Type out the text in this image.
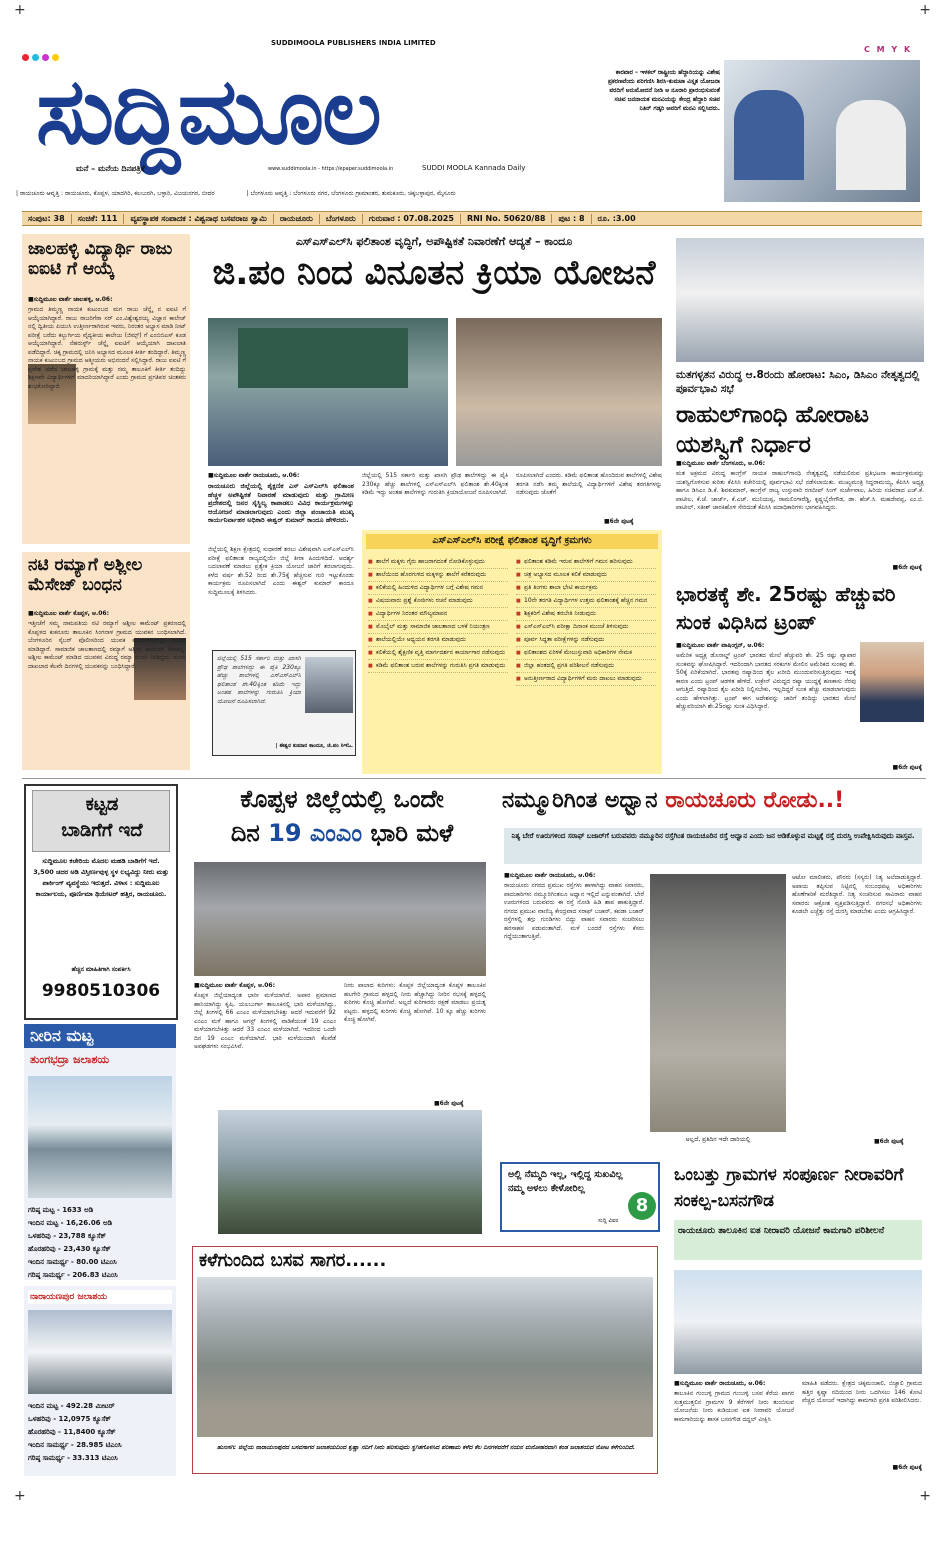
+	+
+	+
C M Y K
SUDDIMOOLA PUBLISHERS INDIA LIMITED
ಸುದ್ದಿಮೂಲ
ಮನೆ – ಮನೆಯ ದಿನಪತ್ರಿಕೆ	www.suddimoola.in - https://epaper.suddimoola.in	SUDDI MOOLA Kannada Daily
ಕಾರವಾರ – ಇಳಕಲ್ ರಾಷ್ಟ್ರೀಯ ಹೆದ್ದಾರಿಯನ್ನು ವಿಶೇಷ ಪ್ರಕರಣವೆಂದು ಪರಿಗಣಿಸಿ ಶಿರಸಿ-ಕುಮಟಾ ವಿಸ್ತೃತ ಯೋಜನಾ ವರದಿಗೆ ಅನುಮೋದನೆ ನೀಡಿ ಆ ನೂರಾರಿ ಪ್ರಾರಂಭಿಸುವಂತೆ ಸಚಿವ ಜನನಾಯಕ ಮನವಿಯನ್ನು ಕೇಂದ್ರ ಹೆದ್ದಾರಿ ಸಚಿವ ನಿತಿನ್ ಗಡ್ಕರಿ ಅವರಿಗೆ ಮನವಿ ಸಲ್ಲಿಸಿದರು.
| ರಾಯಚೂರು ಆವೃತ್ತಿ : ರಾಯಚೂರು, ಕೊಪ್ಪಳ, ಯಾದಗಿರಿ, ಕಲಬುರಗಿ, ಬಳ್ಳಾರಿ, ವಿಜಯನಗರ, ಬೀದರ	| ಬೆಂಗಳೂರು ಆವೃತ್ತಿ : ಬೆಂಗಳೂರು ನಗರ, ಬೆಂಗಳೂರು ಗ್ರಾಮಾಂತರ, ತುಮಕೂರು, ಚಿಕ್ಕಬಳ್ಳಾಪುರ, ಮೈಸೂರು
ಸಂಪುಟ: 38	ಸಂಚಿಕೆ: 111	ವ್ಯವಸ್ಥಾಪಕ ಸಂಪಾದಕ : ವಿಶ್ವನಾಥ ಬಸವರಾಜ ಸ್ವಾಮಿ	ರಾಯಚೂರು	ಬೆಂಗಳೂರು	ಗುರುವಾರ : 07.08.2025	RNI No. 50620/88	ಪುಟ : 8	ರೂ. :3.00
ಜಾಲಹಳ್ಳಿ ವಿದ್ಯಾರ್ಥಿ ರಾಜು ಐಐಟಿ ಗೆ ಆಯ್ಕೆ
■ಸುದ್ದಿಮೂಲ ವಾರ್ತೆ ಜಾಲಹಳ್ಳಿ, ಆ.06:
ಗ್ರಾಮದ ತಿಮ್ಮಣ್ಣ ನಾಯಕ ಕುಟುಂಬದ ಮಗ ರಾಜು ಚೆನ್ನೈ ನ ಐಐಟಿ ಗೆ ಆಯ್ಕೆಯಾಗಿದ್ದಾರೆ. ರಾಜು ರಾಜರಿಗೆರಾ ಸರ್ ಎಂ.ವಿಶ್ವೇಶ್ವರಯ್ಯ ವಿಜ್ಞಾನ ಕಾಲೇಜ್ ನಲ್ಲಿ ದ್ವಿತೀಯ ಪಿಯುಸಿ ಉತ್ತೀರ್ಣರಾಗಿರುವ ಇವರು, ನಿರಂತರ ಅಭ್ಯಾಸ ಮಾಡಿ ನೀಟ್ ಪರೀಕ್ಷೆ ಬರೆದು ಕಲ್ಬುರ್ಗಿಯ ವೈದ್ಯಕೀಯ ಕಾಲೇಜು (ಜಿಮ್ಸ್) ಗೆ ಎಂಬಿಬಿಎಸ್ ಕೂಡ ಆಯ್ಕೆಯಾಗಿದ್ದಾರೆ. ನೆಹರುರ್ಸ್ಟ್ ಚೆನ್ನೈ ಐಐಟಿಗೆ ಆಯ್ಕೆಯಾಗಿ ದಾಖಲಾತಿ ಪಡೆದಿದ್ದಾರೆ. ಚಿಕ್ಕ ಗ್ರಾಮದಲ್ಲಿ ಜನಿಸಿ ಅಭ್ಯಾಸದ ಮೂಲಕ ಕೀರ್ತಿ ತಂದಿದ್ದಾರೆ. ತಿಮ್ಮಣ್ಣ ನಾಯಕ ಕುಟುಂಬದ ಗ್ರಾಮದ ಆತ್ಮೀಯರು ಅಭಿನಂದನೆ ಸಲ್ಲಿಸಿದ್ದಾರೆ. ರಾಜು ಐಐಟಿ ಗೆ ಪ್ರವೇಶ ಪಡೆದ ಜಾಲಹಳ್ಳಿ ಗ್ರಾಮಕ್ಕೆ ಮತ್ತು ನಮ್ಮ ತಾಲೂಕಿಗೆ ಕೀರ್ತಿ ತಂದಿದ್ದು ಶಿಕ್ಷಣವೇ ವಿದ್ಯಾರ್ಥಿಗಳಿಗೆ ಮಾದರಿಯಾಗಿದ್ದಾರೆ ಎಂದು ಗ್ರಾಮದ ಪ್ರಗತಿಪರ ಚಿಂತಕರು ಶುಭಕೋರಿದ್ದಾರೆ.
ನಟಿ ರಮ್ಯಾಗೆ ಅಶ್ಲೀಲ ಮೆಸೇಜ್ ಬಂಧನ
■ಸುದ್ದಿಮೂಲ ವಾರ್ತೆ ಕೊಪ್ಪಳ, ಆ.06:
ಇತ್ತೀಚೆಗೆ ಸಮ್ಮ ನಾಮಪತಿಯ ನಟಿ ರಮ್ಯಾಗೆ ಅಶ್ಲೀಲ ಕಾಮೆಂಟ್ ಪ್ರಕರಣದಲ್ಲಿ ಕೊಪ್ಪಳದ ಕುಕನೂರು ತಾಲೂಕಿನ ಸಿಂಗನಾಳ ಗ್ರಾಮದ ಯುವಕನ ಬಂಧಿಸಲಾಗಿದೆ. ಬೆಂಗಳೂರಿನ ಸೈಬರ್ ಪೊಲೀಸರಿಂದ ಯುವಕ ಮಂಜುನಾಥನನ್ನು ಬಂಧನ ಮಾಡಿದ್ದಾರೆ. ಸಾಮಾಜಿಕ ಜಾಲತಾಣದಲ್ಲಿ ರಮ್ಯಾಗೆ ಅಶ್ಲೀಲ ಕಾಮೆಂಟ್ ಮಾಡಿದ್ದ. ಅಶ್ಲೀಲ ಕಾಮೆಂಟ್ ಮಾಡಿದ ಯುವಕನ ವಿರುದ್ಧ ರಮ್ಯಾ ದೂರು ನೀಡಿದ್ದರು. ದೂರು ದಾಖಲಾದ ಕೆಲವೇ ದಿನಗಳಲ್ಲಿ ಯುವಕನನ್ನು ಬಂಧಿಸಿದ್ದಾರೆ.
ಎಸ್‌ಎಸ್‌ಎಲ್‌ಸಿ ಫಲಿತಾಂಶ ವೃದ್ಧಿಗೆ, ಅಪೌಷ್ಟಿಕತೆ ನಿವಾರಣೆಗೆ ಆದ್ಯತೆ – ಕಾಂದೂ
ಜಿ.ಪಂ ನಿಂದ ವಿನೂತನ ಕ್ರಿಯಾ ಯೋಜನೆ
■ಸುದ್ದಿಮೂಲ ವಾರ್ತೆ ರಾಯಚೂರು, ಆ.06:
ರಾಯಚೂರು ಜಿಲ್ಲೆಯಲ್ಲಿ ಶೈಕ್ಷಣಿಕ ಎಸ್ ಎಸ್‌ಎಲ್‌ಸಿ ಫಲಿತಾಂಶ ಹೆಚ್ಚಳ ಅಪೌಷ್ಟಿಕತೆ ನಿವಾರಣೆ ಮಾಡುವುದು ಮತ್ತು ಗ್ರಾಮೀಣ ಪ್ರದೇಶದಲ್ಲಿ ಜನರ ಸೈಸ್ಥಿಲ್ಯ ಕಾಪಾಡಲು ವಿವಿಧ ಕಾರ್ಯಕ್ರಮಗಳನ್ನು ಆಯೋಜನೆ ಮಾಡಲಾಗುವುದು ಎಂದು ಜಿಲ್ಲಾ ಪಂಚಾಯತಿ ಮುಖ್ಯ ಕಾರ್ಯನಿರ್ವಾಹಕ ಅಧಿಕಾರಿ ಈಶ್ವರ್ ಕುಮಾರ್ ಕಾಂದೂ ಹೇಳಿದರು.
ಜಿಲ್ಲೆಯಲ್ಲಿ ಶಿಕ್ಷಣ ಕ್ಷೇತ್ರದಲ್ಲಿ ಸುಧಾರಣೆ ತರಲು ವಿಶೇಷವಾಗಿ ಎಸ್‌ಎಸ್‌ಎಲ್‌ಸಿ ಪರೀಕ್ಷೆ ಫಲಿತಾಂಶ ರಾಜ್ಯದಲ್ಲಿಯೇ ಜಿಲ್ಲೆ ತೀರಾ ಹಿಂದುಳಿದಿದೆ. ಆದರ್ಶ್ಯ ಬದಲಾವಣೆ ಮಾಡಲು ಪ್ರತ್ಯೇಕ ಕ್ರಿಯಾ ಯೋಜನೆ ಜಾರಿಗೆ ತರಲಾಗುವುದು. ಕಳೆದ ವರ್ಷ ಶೇ.52 ರಿಂದ ಶೇ.75ಕ್ಕೆ ಹೆಚ್ಚಿಸುವ ಗುರಿ ಇಟ್ಟುಕೊಂಡು ಕಾರ್ಯಕ್ರಮ ರೂಪಿಸಲಾಗಿದೆ ಎಂದು ಈಶ್ವರ್ ಕುಮಾರ್ ಕಾಂದೂ ಸುದ್ದಿಮೂಲಕ್ಕೆ ತಿಳಿಸಿದರು.
ಜಿಲ್ಲೆಯಲ್ಲಿ 515 ಸರ್ಕಾರಿ ಮತ್ತು ಖಾಸಗಿ ಪ್ರೌಢ ಶಾಲೆಗಳಿದ್ದು ಈ ಪೈಕಿ 230ಕ್ಕೂ ಹೆಚ್ಚು ಶಾಲೆಗಳಲ್ಲಿ ಎಸ್‌ಎಸ್‌ಎಲ್‌ಸಿ ಫಲಿತಾಂಶ ಶೇ.40ಕ್ಕಿಂತ ಕಡಿಮೆ ಇದ್ದು ಅಂತಹ ಶಾಲೆಗಳನ್ನು ಗುರುತಿಸಿ ಕ್ರಿಯಾಯೋಜನೆ ರೂಪಿಸಲಾಗಿದೆ.
ರೂಪಿಸಲಾಗಿದೆ ಎಂದರು. ಕಡಿಮೆ ಫಲಿತಾಂಶ ಹೊಂದಿರುವ ಶಾಲೆಗಳಲ್ಲಿ ವಿಶೇಷ ತರಗತಿ ನಡೆಸಿ ತಮ್ಮ ಶಾಲೆಯಲ್ಲಿ ವಿದ್ಯಾರ್ಥಿಗಳಿಗೆ ವಿಶೇಷ ತರಗತಿಗಳನ್ನು ನಡೆಸುವುದು ಜೊತೆಗೆ
■6ನೇ ಪುಟಕ್ಕೆ
ಎಸ್‌ಎಸ್‌ಎಲ್‌ಸಿ ಪರೀಕ್ಷೆ ಫಲಿತಾಂಶ ವೃದ್ಧಿಗೆ ಕ್ರಮಗಳು
■ ಶಾಲೆಗೆ ಮಕ್ಕಳು ಗೈರು ಹಾಜರಾಗದಂತೆ ನೋಡಿಕೊಳ್ಳುವುದು
■ ಶಾಲೆಯಿಂದ ಹೊರಗುಳಿದ ಮಕ್ಕಳನ್ನು ಶಾಲೆಗೆ ಕರೆತರುವುದು
■ ಕಲಿಕೆಯಲ್ಲಿ ಹಿಂದುಳಿದ ವಿದ್ಯಾರ್ಥಿಗಳ ಬಗ್ಗೆ ವಿಶೇಷ ಗಮನ
■ ವಿಷಯವಾರು ಪ್ರಶ್ನೆ ಕೋಠಿಗಳು ರಚನೆ ಮಾಡುವುದು
■ ವಿದ್ಯಾರ್ಥಿಗಳ ನಿರಂತರ ಮೌಲ್ಯಮಾಪನ
■ ಮೊಬೈಲ್ ಮತ್ತು ಸಾಮಾಜಿಕ ಜಾಲತಾಣದ ಬಳಕೆ ನಿಯಂತ್ರಣ
■ ಶಾಲೆಯಲ್ಲಿಯೇ ಅಧ್ಯಯನ ತರಗತಿ ಮಾಡುವುದು
■ ಕಲಿಕೆಯಲ್ಲಿ ಶೈಕ್ಷಣಿಕ ವೃತ್ತಿ ಮಾರ್ಗದರ್ಶನ ಕಾರ್ಯಾಗಾರ ನಡೆಸುವುದು
■ ಕಡಿಮೆ ಫಲಿತಾಂಶ ಬರುವ ಶಾಲೆಗಳನ್ನು ಗುರುತಿಸಿ ಪ್ರಗತಿ ಮಾಡುವುದು
■ ಫಲಿತಾಂಶ ಕಡಿಮೆ ಇರುವ ಶಾಲೆಗಳಿಗೆ ಗಮನ ಹರಿಸುವುದು
■ ಚಿತ್ರ ಅಭ್ಯಾಸದ ಮೂಲಕ ಕಲಿಕೆ ಮಾಡುವುದು
■ ಪ್ರತಿ ತಿಂಗಳು ಶಾಲಾ ಭೇಟಿ ಕಾರ್ಯಕ್ರಮ
■ 10ನೇ ತರಗತಿ ವಿದ್ಯಾರ್ಥಿಗಳ ಉತ್ತಮ ಫಲಿತಾಂಶಕ್ಕೆ ಹೆಚ್ಚಿನ ಗಮನ
■ ಶಿಕ್ಷಕರಿಗೆ ವಿಶೇಷ ತರಬೇತಿ ನೀಡುವುದು
■ ಎಸ್‌ಎಸ್‌ಎಲ್‌ಸಿ ಪರೀಕ್ಷಾ ದಿನಾಂಕ ಮುಂಚೆ ತಿಳಿಸುವುದು
■ ಪೂರ್ವ ಸಿದ್ಧತಾ ಪರೀಕ್ಷೆಗಳನ್ನು ನಡೆಸುವುದು
■ ಫಲಿತಾಂಶದ ಏರಿಳಿಕೆ ಮೇಲುಸ್ತುವಾರಿ ಅಧಿಕಾರಿಗಳ ನೇಮಕ
■ ಜಿಲ್ಲಾ ಹಂತದಲ್ಲಿ ಪ್ರಗತಿ ಪರಿಶೀಲನೆ ನಡೆಸುವುದು
■ ಅನುತ್ತೀರ್ಣರಾದ ವಿದ್ಯಾರ್ಥಿಗಳಿಗೆ ಮರು ದಾಖಲು ಮಾಡುವುದು
ಜಿಲ್ಲೆಯಲ್ಲಿ 515 ಸರ್ಕಾರಿ ಮತ್ತು ಖಾಸಗಿ ಪ್ರೌಢ ಶಾಲೆಗಳಿದ್ದು ಈ ಪೈಕಿ 230ಕ್ಕೂ ಹೆಚ್ಚು ಶಾಲೆಗಳಲ್ಲಿ ಎಸ್‌ಎಸ್‌ಎಲ್‌ಸಿ ಫಲಿತಾಂಶ ಶೇ.40ಕ್ಕಿಂತ ಕಡಿಮೆ ಇದ್ದು ಅಂತಹ ಶಾಲೆಗಳನ್ನು ಗುರುತಿಸಿ ಕ್ರಿಯಾ ಯೋಜನೆ ರೂಪಿಸಲಾಗಿದೆ.
| ಈಶ್ವರ ಕುಮಾರ ಕಾಂದೂ, ಜಿ.ಪಂ ಸಿಇಓ.
ಮತಗಳ್ಳತನ ವಿರುದ್ಧ ಆ.8ರಂದು ಹೋರಾಟ: ಸಿಎಂ, ಡಿಸಿಎಂ ನೇತೃತ್ವದಲ್ಲಿ ಪೂರ್ವಭಾವಿ ಸಭೆ
ರಾಹುಲ್‌ಗಾಂಧಿ ಹೋರಾಟ ಯಶಸ್ವಿಗೆ ನಿರ್ಧಾರ
■ಸುದ್ದಿಮೂಲ ವಾರ್ತೆ ಬೆಂಗಳೂರು, ಆ.06:
ಮತ ಅಕ್ರಮದ ವಿರುದ್ಧ ಕಾಂಗ್ರೆಸ್ ನಾಯಕ ರಾಹುಲ್‌ಗಾಂಧಿ ನೇತೃತ್ವದಲ್ಲಿ ನಡೆಯಲಿರುವ ಪ್ರತಿಭಟನಾ ಕಾರ್ಯಕ್ರಮವನ್ನು ಯಶಸ್ವಿಗೊಳಿಸುವ ಕುರಿತು ಕೆಪಿಸಿಸಿ ಕಚೇರಿಯಲ್ಲಿ ಪೂರ್ವಭಾವಿ ಸಭೆ ನಡೆಸಲಾಯಿತು. ಮುಖ್ಯಮಂತ್ರಿ ಸಿದ್ದರಾಮಯ್ಯ, ಕೆಪಿಸಿಸಿ ಅಧ್ಯಕ್ಷ ಹಾಗೂ ಡಿಸಿಎಂ ಡಿ.ಕೆ. ಶಿವಕುಮಾರ್, ಕಾಂಗ್ರೆಸ್ ರಾಜ್ಯ ಉಸ್ತುವಾರಿ ರಣದೀಪ್ ಸಿಂಗ್ ಸುರ್ಜೇವಾಲ, ಹಿರಿಯ ಸಚಿವರಾದ ಎಚ್.ಕೆ. ಪಾಟೀಲ, ಕೆ.ಜೆ. ಜಾರ್ಜ್, ಕೆ.ಎಚ್. ಮುನಿಯಪ್ಪ, ರಾಮಲಿಂಗಾರೆಡ್ಡಿ, ಕೃಷ್ಣಭೈರೇಗೌಡ, ಡಾ. ಹೆಚ್.ಸಿ. ಮಹದೇವಪ್ಪ, ಎಂ.ಬಿ. ಪಾಟೀಲ್, ಸತೀಶ್ ಜಾರಕಿಹೊಳಿ ಸೇರಿದಂತೆ ಕೆಪಿಸಿಸಿ ಪದಾಧಿಕಾರಿಗಳು ಭಾಗವಹಿಸಿದ್ದರು.
■6ನೇ ಪುಟಕ್ಕೆ
ಭಾರತಕ್ಕೆ ಶೇ. 25ರಷ್ಟು ಹೆಚ್ಚುವರಿ ಸುಂಕ ವಿಧಿಸಿದ ಟ್ರಂಪ್
■ಸುದ್ದಿಮೂಲ ವಾರ್ತೆ ವಾಷಿಂಗ್ಟನ್, ಆ.06:
ಅಮೆರಿಕ ಅಧ್ಯಕ್ಷ ಡೊನಾಲ್ಡ್ ಟ್ರಂಪ್ ಭಾರತದ ಮೇಲೆ ಹೆಚ್ಚುವರಿ ಶೇ. 25 ರಷ್ಟು ವ್ಯಾಪಾರ ಸುಂಕವನ್ನು ಘೋಷಿಸಿದ್ದಾರೆ. ಇದರಿಂದಾಗಿ ಭಾರತದ ಸರಕುಗಳ ಮೇಲಿನ ಅಮೆರಿಕದ ಸುಂಕವು ಶೇ. 50ಕ್ಕೆ ಏರಿಕೆಯಾಗಿದೆ. ಭಾರತವು ರಷ್ಯಾದಿಂದ ತೈಲ ಖರೀದಿ ಮುಂದುವರಿಸುತ್ತಿರುವುದು ಇದಕ್ಕೆ ಕಾರಣ ಎಂದು ಟ್ರಂಪ್ ಆಡಳಿತ ಹೇಳಿದೆ. ಉಕ್ರೇನ್ ವಿರುದ್ಧದ ರಷ್ಯಾ ಯುದ್ಧಕ್ಕೆ ಹಣಕಾಸು ನೆರವು ಆಗುತ್ತಿದೆ. ರಷ್ಯಾದಿಂದ ತೈಲ ಖರೀದಿ ನಿಲ್ಲಿಸಬೇಕು, ಇಲ್ಲದಿದ್ದರೆ ಸುಂಕ ಹೆಚ್ಚು ಮಾಡಲಾಗುವುದು ಎಂದು ಹೇಳಲಾಗಿತ್ತು. ಟ್ರಂಪ್ ಈಗ ಅದೇಶವನ್ನು ಜಾರಿಗೆ ತಂದಿದ್ದು ಭಾರತದ ಮೇಲೆ ಹೆಚ್ಚುವರಿಯಾಗಿ ಶೇ.25ರಷ್ಟು ಸುಂಕ ವಿಧಿಸಿದ್ದಾರೆ.
■6ನೇ ಪುಟಕ್ಕೆ
ಕಟ್ಟಡ
ಬಾಡಿಗೆಗೆ ಇದೆ
ಸುದ್ದಿಮೂಲ ಕಚೇರಿಯ ಮೊದಲ ಮಹಡಿ ಬಾಡಿಗೆಗೆ ಇದೆ. 3,500 ಚದರ ಅಡಿ ವಿಸ್ತೀರ್ಣವುಳ್ಳ ಸ್ಥಳ ಲಭ್ಯವಿದ್ದು ನೀರು ಮತ್ತು ಪಾರ್ಕಿಂಗ್ ವ್ಯವಸ್ಥೆಯು ಇರುತ್ತದೆ. ವಿಳಾಸ : ಸುದ್ದಿಮೂಲ ಕಾರ್ಯಾಲಯ, ಪೂರ್ಣಿಮಾ ಥಿಯೇಟರ್ ಹತ್ತಿರ, ರಾಯಚೂರು.
ಹೆಚ್ಚಿನ ಮಾಹಿತಿಗಾಗಿ ಸಂಪರ್ಕಿಸಿ
9980510306
ನೀರಿನ ಮಟ್ಟ
ತುಂಗಭದ್ರಾ ಜಲಾಶಯ
ಗರಿಷ್ಠ ಮಟ್ಟ - 1633 ಅಡಿ
ಇಂದಿನ ಮಟ್ಟ - 16,26.06 ಅಡಿ
ಒಳಹರಿವು - 23,788 ಕ್ಯೂಸೆಕ್
ಹೊರಹರಿವು - 23,430 ಕ್ಯೂಸೆಕ್
ಇಂದಿನ ಸಾಮರ್ಥ್ಯ - 80.00 ಟಿಎಂಸಿ
ಗರಿಷ್ಠ ಸಾಮರ್ಥ್ಯ - 206.83 ಟಿಎಂಸಿ
ನಾರಾಯಣಪುರ ಜಲಾಶಯ
ಇಂದಿನ ಮಟ್ಟ - 492.28 ಮೀಟರ್
ಒಳಹರಿವು - 12,0975 ಕ್ಯೂಸೆಕ್
ಹೊರಹರಿವು - 11,8400 ಕ್ಯೂಸೆಕ್
ಇಂದಿನ ಸಾಮರ್ಥ್ಯ - 28.985 ಟಿಎಂಸಿ
ಗರಿಷ್ಠ ಸಾಮರ್ಥ್ಯ - 33.313 ಟಿಎಂಸಿ
ಕೊಪ್ಪಳ ಜಿಲ್ಲೆಯಲ್ಲಿ ಒಂದೇ
ದಿನ 19 ಎಂಎಂ ಭಾರಿ ಮಳೆ
■ಸುದ್ದಿಮೂಲ ವಾರ್ತೆ ಕೊಪ್ಪಳ, ಆ.06:
ಕೊಪ್ಪಳ ಜಿಲ್ಲೆಯಾದ್ಯಂತ ಭಾರೀ ಮಳೆಯಾಗಿದೆ. ಅಪಾರ ಪ್ರಮಾಣದ ಹಾನಿಯಾಗಿದ್ದು ಕೃಷಿ, ಯಲಬುರ್ಗಾ ತಾಲೂಕಿನಲ್ಲಿ ಭಾರಿ ಮಳೆಯಾಗಿದ್ದು, ಜಿಲ್ಲೆ ತಿಂಗಳಲ್ಲಿ 66 ಎಂಎಂ ಮಳೆಯಾಗಬೇಕಿತ್ತು ಆದರೆ ಇದುವರೆಗೆ 92 ಎಂಎಂ ಮಳೆ ಹಾಗೂ ಆಗಸ್ಟ್ ತಿಂಗಳಲ್ಲಿ ವಾಡಿಕೆಯಂತೆ 19 ಎಂಎಂ ಮಳೆಯಾಗಬೇಕಿತ್ತು ಆದರೆ 33 ಎಂಎಂ ಮಳೆಯಾಗಿದೆ. ಇದರಿಂದ ಒಂದೇ ದಿನ 19 ಎಂಎಂ ಮಳೆಯಾಗಿದೆ. ಭಾರಿ ಮಳೆಯಿಂದಾಗಿ ಕೆಲವೆಡೆ ಅವಘಡಗಳು ಸಂಭವಿಸಿವೆ.
ನೀರು ಪಾಲಾದ ಕುರಿಗಳು: ಕೊಪ್ಪಳ ಜಿಲ್ಲೆಯಾದ್ಯಂತ ಕೊಪ್ಪಳ ತಾಲೂಕಿನ ಹಲಗೇರಿ ಗ್ರಾಮದ ಹಳ್ಳದಲ್ಲಿ ನೀರು ಹೆಚ್ಚಾಗಿದ್ದು ನೀರಿನ ರಭಸಕ್ಕೆ ಹಳ್ಳದಲ್ಲಿ ಕುರಿಗಳು ಕೊಚ್ಚಿ ಹೋಗಿವೆ. ಅಲ್ಲದೆ ಕುರಿಗಾರರು ರಕ್ಷಣೆ ಮಾಡಲು ಪ್ರಯತ್ನ ಪಟ್ಟರು. ಹಳ್ಳದಲ್ಲಿ ಕುರಿಗಳು ಕೊಚ್ಚಿ ಹೋಗಿವೆ. 10 ಕ್ಕೂ ಹೆಚ್ಚು ಕುರಿಗಳು ಕೊಚ್ಚಿ ಹೋಗಿವೆ.
■6ನೇ ಪುಟಕ್ಕೆ
ನಮ್ಮೂರಿಗಿಂತ ಅಧ್ವಾನ ರಾಯಚೂರು ರೋಡು..!
ನಿತ್ಯ ಬೇರೆ ಊರುಗಳಿಂದ ಸರಾಫ್ ಬಜಾರ್‌ಗೆ ಬರುವವರು ನಮ್ಮೂರಿನ ರಸ್ತೆಗಿಂತ ರಾಯಚೂರಿನ ರಸ್ತೆ ಅಧ್ವಾನ ಎಂದು ಜನ ಆಡಿಕೊಳ್ಳುವ ಮಟ್ಟಕ್ಕೆ ರಸ್ತೆ ದುರಸ್ತಿ ಉಪೇಕ್ಷಿಸಿರುವುದು ವಾಸ್ತವ.
■ಸುದ್ದಿಮೂಲ ವಾರ್ತೆ ರಾಯಚೂರು, ಆ.06:
ರಾಯಚೂರು ನಗರದ ಪ್ರಮುಖ ರಸ್ತೆಗಳು ಹಾಳಾಗಿದ್ದು ವಾಹನ ಸವಾರರು, ಪಾದಚಾರಿಗಳು ನಮ್ಮೂರಿಗಿಂತಲೂ ಅಧ್ವಾನ ಇಲ್ಲಿದೆ ಎನ್ನುವಂತಾಗಿದೆ. ಬೇರೆ ಊರುಗಳಿಂದ ಬರುವವರು ಈ ರಸ್ತೆ ನೋಡಿ ಹಿಡಿ ಶಾಪ ಹಾಕುತ್ತಿದ್ದಾರೆ. ನಗರದ ಪ್ರಮುಖ ವಾಣಿಜ್ಯ ಕೇಂದ್ರವಾದ ಸರಾಫ್ ಬಜಾರ್, ಕಪಡಾ ಬಜಾರ್ ರಸ್ತೆಗಳಲ್ಲಿ ತಗ್ಗು ಗುಂಡಿಗಳು ಬಿದ್ದು ವಾಹನ ಸವಾರರು ಸಂಚರಿಸಲು ಹರಸಾಹಸ ಪಡುವಂತಾಗಿದೆ. ಮಳೆ ಬಂದರೆ ರಸ್ತೆಗಳು ಕೆಸರು ಗದ್ದೆಯಂತಾಗುತ್ತಿವೆ.
ಅಲ್ಲದೆ, ಪ್ರತಿದಿನ ಇದೇ ದಾರಿಯಲ್ಲಿ
ಆಟೋ ಮಾಲೀಕರು, ಪೌರರು (ಸಸ್ಯರು) ನಿತ್ಯ ಅಲೆದಾಡುತ್ತಿದ್ದಾರೆ. ಅಪಾಯ ತಪ್ಪಿಸುವ ನಿಟ್ಟಿನಲ್ಲಿ ಸಂಬಂಧಪಟ್ಟ ಅಧಿಕಾರಿಗಳು ಹೊಣೆಗಾರಿಕೆ ಮರೆತಿದ್ದಾರೆ. ನಿತ್ಯ ಸಂಚರಿಸುವ ಸಾವಿರಾರು ವಾಹನ ಸವಾರರು ಆಕ್ರೋಶ ವ್ಯಕ್ತಪಡಿಸುತ್ತಿದ್ದಾರೆ. ನಗರಸಭೆ ಅಧಿಕಾರಿಗಳು ಕೂಡಲೇ ಎಚ್ಚೆತ್ತು ರಸ್ತೆ ದುರಸ್ತಿ ಮಾಡಬೇಕು ಎಂದು ಆಗ್ರಹಿಸಿದ್ದಾರೆ.
■6ನೇ ಪುಟಕ್ಕೆ
ಅಲ್ಲಿ ನೆಮ್ಮದಿ ಇಲ್ಲ, ಇಲ್ಲಿದ್ದ ಸುಖವಿಲ್ಲ ನಮ್ಮ ಅಳಲು ಕೇಳೋರಿಲ್ಲ
ಸುದ್ದಿ ವಿವರ
8
ಕಳೆಗುಂದಿದ ಬಸವ ಸಾಗರ......
ಹುಣಸಗಿ: ಜಿಲ್ಲೆಯ ನಾರಾಯಣಪುರದ ಬಸವಸಾಗರ ಜಲಾಶಯದಿಂದ ಕೃಷ್ಣಾ ನದಿಗೆ ನೀರು ಹರಿಸುವುದು ಸ್ಥಗಿತಗೊಳಿಸಿದ ಪರಿಣಾಮ ಕಳೆದ ಕೆಲ ದಿನಗಳವರೆಗೆ ನಯನ ಮನೋಹರವಾಗಿ ಕಂಡ ಜಲಾಶಯದ ನೋಟ ಕಳೆಗುಂದಿದೆ.
ಒಂಬತ್ತು ಗ್ರಾಮಗಳ ಸಂಪೂರ್ಣ ನೀರಾವರಿಗೆ ಸಂಕಲ್ಪ-ಬಸನಗೌಡ
ರಾಯಚೂರು ತಾಲೂಕಿನ ಐತ ನೀರಾವರಿ ಯೋಜನೆ ಕಾಮಗಾರಿ ಪರಿಶೀಲನೆ
■ಸುದ್ದಿಮೂಲ ವಾರ್ತೆ ರಾಯಚೂರು, ಆ.06:
ತಾಲೂಕಿನ ಗುಂಜಳ್ಳಿ ಗ್ರಾಮದ ಗುಂಜಳ್ಳಿ ಬಸವ ಕೆರೆಯ ಪಾಗರ ಸುತ್ತಮುತ್ತಲಿನ ಗ್ರಾಮಗಳ 9 ಕೆರೆಗಳಿಗೆ ನೀರು ತುಂಬಿಸುವ ಯೋಜನೆಯ ನೀರು ಕುಡಿಯುವ ಐತ ನೀರಾವರಿ ಯೋಜನೆ ಕಾಮಗಾರಿಯನ್ನು ಶಾಸಕ ಬಸನಗೌಡ ದದ್ದಲ್ ವೀಕ್ಷಿಸಿ
ಮಾಹಿತಿ ಪಡೆದರು. ಕ್ಷೇತ್ರದ ಚಿಕ್ಕಮಂಚಾಲಿ, ಬಿಚ್ಚಾಲಿ ಗ್ರಾಮದ ಹತ್ತಿರ ಕೃಷ್ಣಾ ನದಿಯಿಂದ ನೀರು ಒದಗಿಸಲು 146 ಕೋಟಿ ವೆಚ್ಚದ ಯೋಜನೆ ಇದಾಗಿದ್ದು ಕಾಮಗಾರಿ ಪ್ರಗತಿ ಪರಿಶೀಲಿಸಿದರು.
■6ನೇ ಪುಟಕ್ಕೆ
